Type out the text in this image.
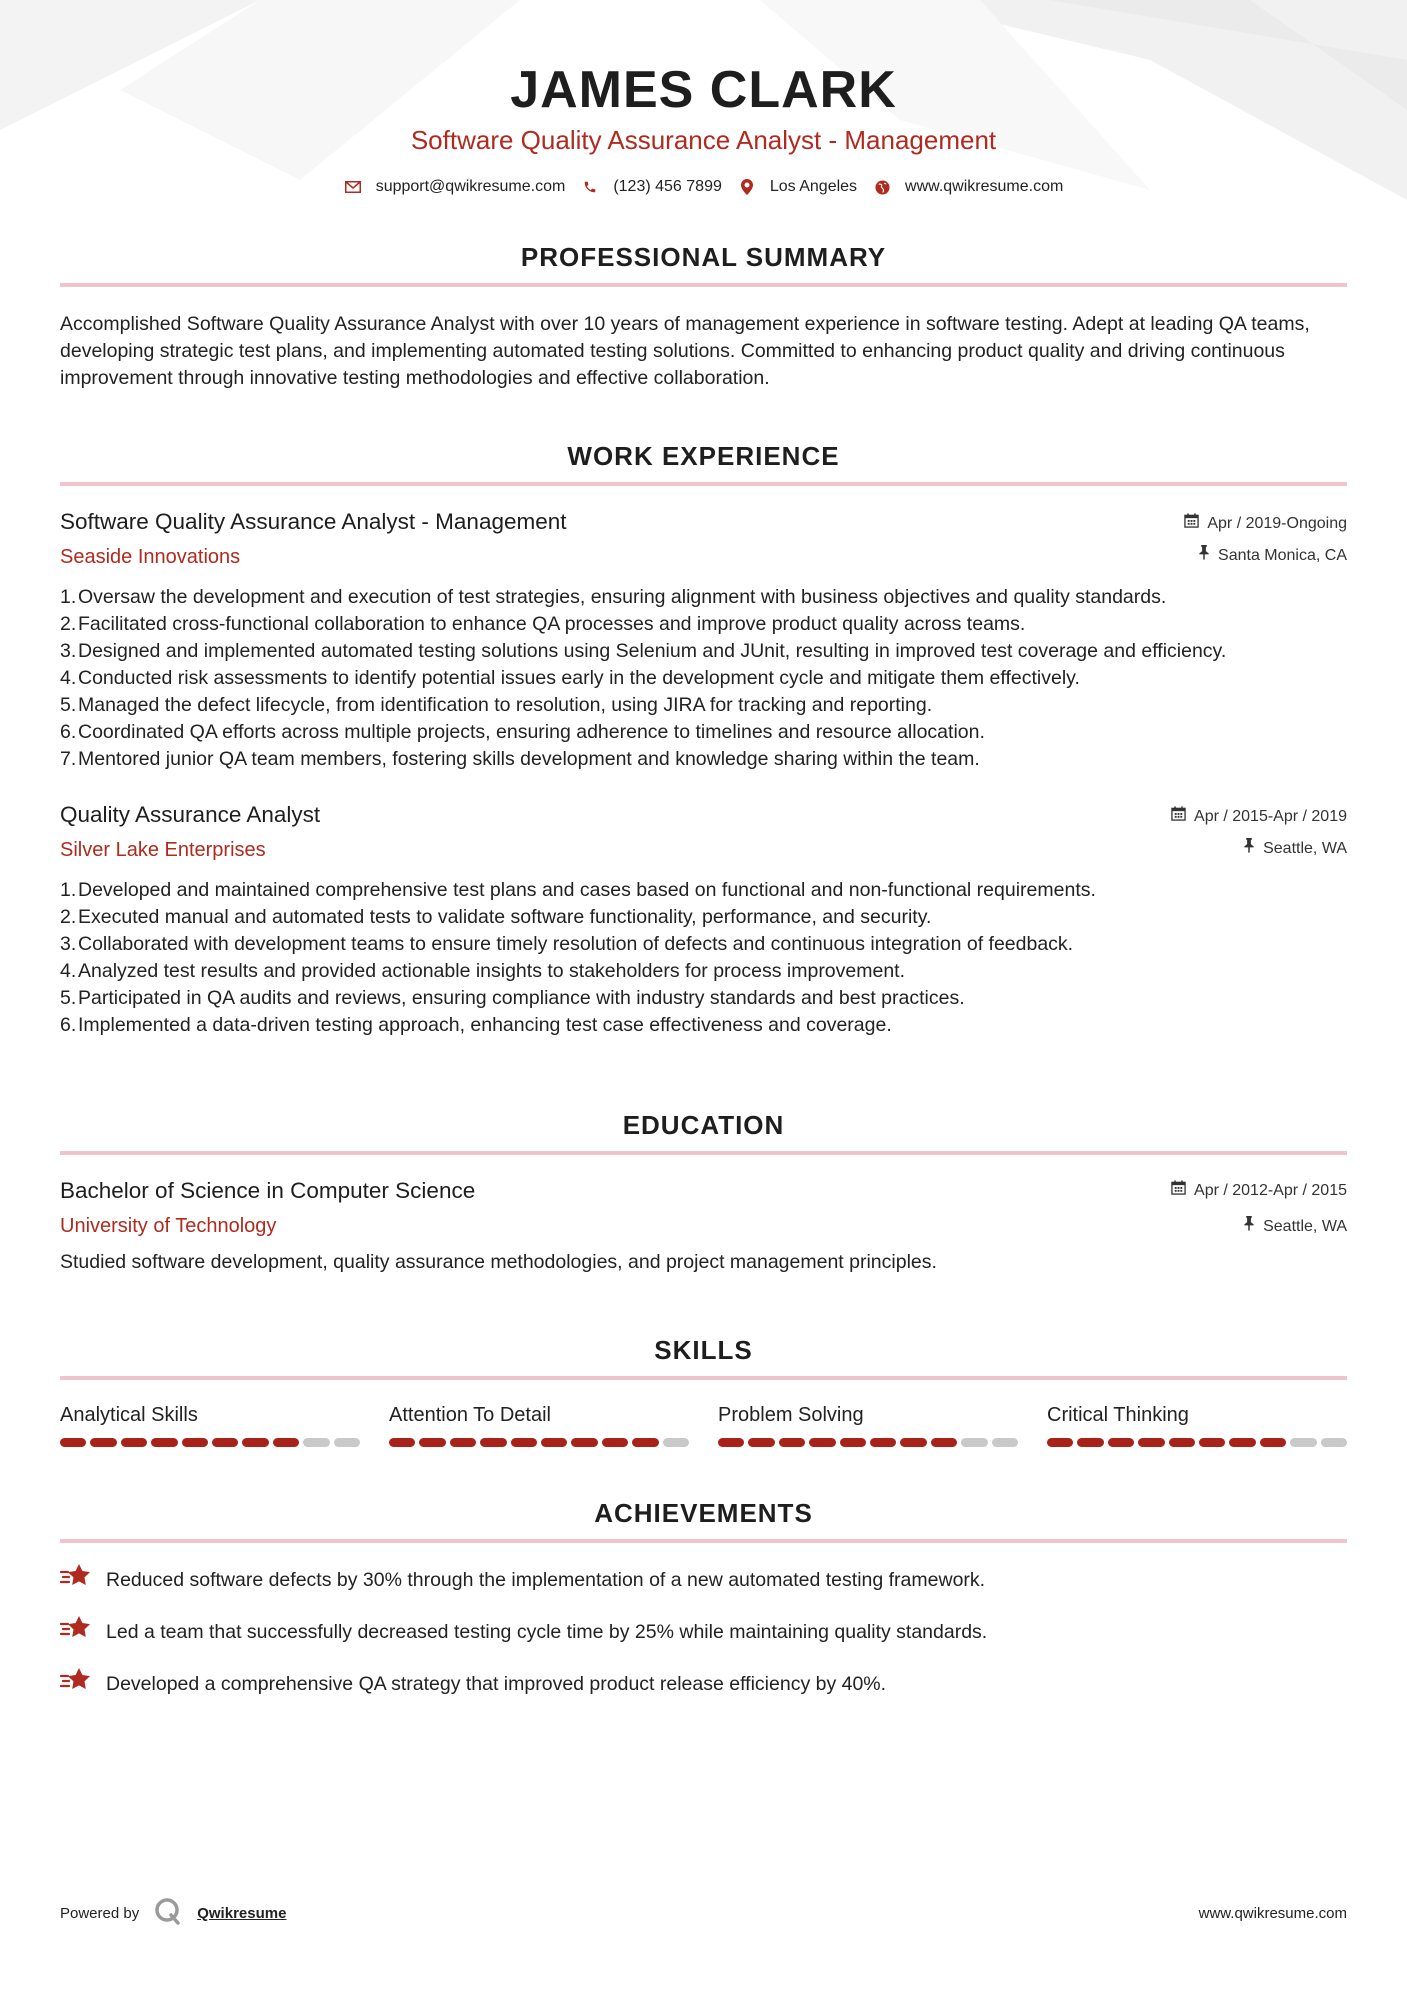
JAMES CLARK
Software Quality Assurance Analyst - Management
support@qwikresume.com	(123) 456 7899	Los Angeles	www.qwikresume.com
PROFESSIONAL SUMMARY

Accomplished Software Quality Assurance Analyst with over 10 years of management experience in software testing. Adept at leading QA teams, developing strategic test plans, and implementing automated testing solutions. Committed to enhancing product quality and driving continuous improvement through innovative testing methodologies and effective collaboration.

WORK EXPERIENCE
Software Quality Assurance Analyst - Management
Seaside Innovations
Apr / 2019-Ongoing
Santa Monica, CA
1. Oversaw the development and execution of test strategies, ensuring alignment with business objectives and quality standards.
2. Facilitated cross-functional collaboration to enhance QA processes and improve product quality across teams.
3. Designed and implemented automated testing solutions using Selenium and JUnit, resulting in improved test coverage and efficiency.
4. Conducted risk assessments to identify potential issues early in the development cycle and mitigate them effectively.
5. Managed the defect lifecycle, from identification to resolution, using JIRA for tracking and reporting.
6. Coordinated QA efforts across multiple projects, ensuring adherence to timelines and resource allocation.
7. Mentored junior QA team members, fostering skills development and knowledge sharing within the team.
Quality Assurance Analyst
Silver Lake Enterprises
Apr / 2015-Apr / 2019
Seattle, WA
1. Developed and maintained comprehensive test plans and cases based on functional and non-functional requirements.
2. Executed manual and automated tests to validate software functionality, performance, and security.
3. Collaborated with development teams to ensure timely resolution of defects and continuous integration of feedback.
4. Analyzed test results and provided actionable insights to stakeholders for process improvement.
5. Participated in QA audits and reviews, ensuring compliance with industry standards and best practices.
6. Implemented a data-driven testing approach, enhancing test case effectiveness and coverage.
EDUCATION
Bachelor of Science in Computer Science
University of Technology
Apr / 2012-Apr / 2015
Seattle, WA

Studied software development, quality assurance methodologies, and project management principles.

SKILLS
Analytical Skills	Attention To Detail	Problem Solving	Critical Thinking
ACHIEVEMENTS
Reduced software defects by 30% through the implementation of a new automated testing framework.
Led a team that successfully decreased testing cycle time by 25% while maintaining quality standards.
Developed a comprehensive QA strategy that improved product release efficiency by 40%.
Powered by	Qwikresume	www.qwikresume.com
